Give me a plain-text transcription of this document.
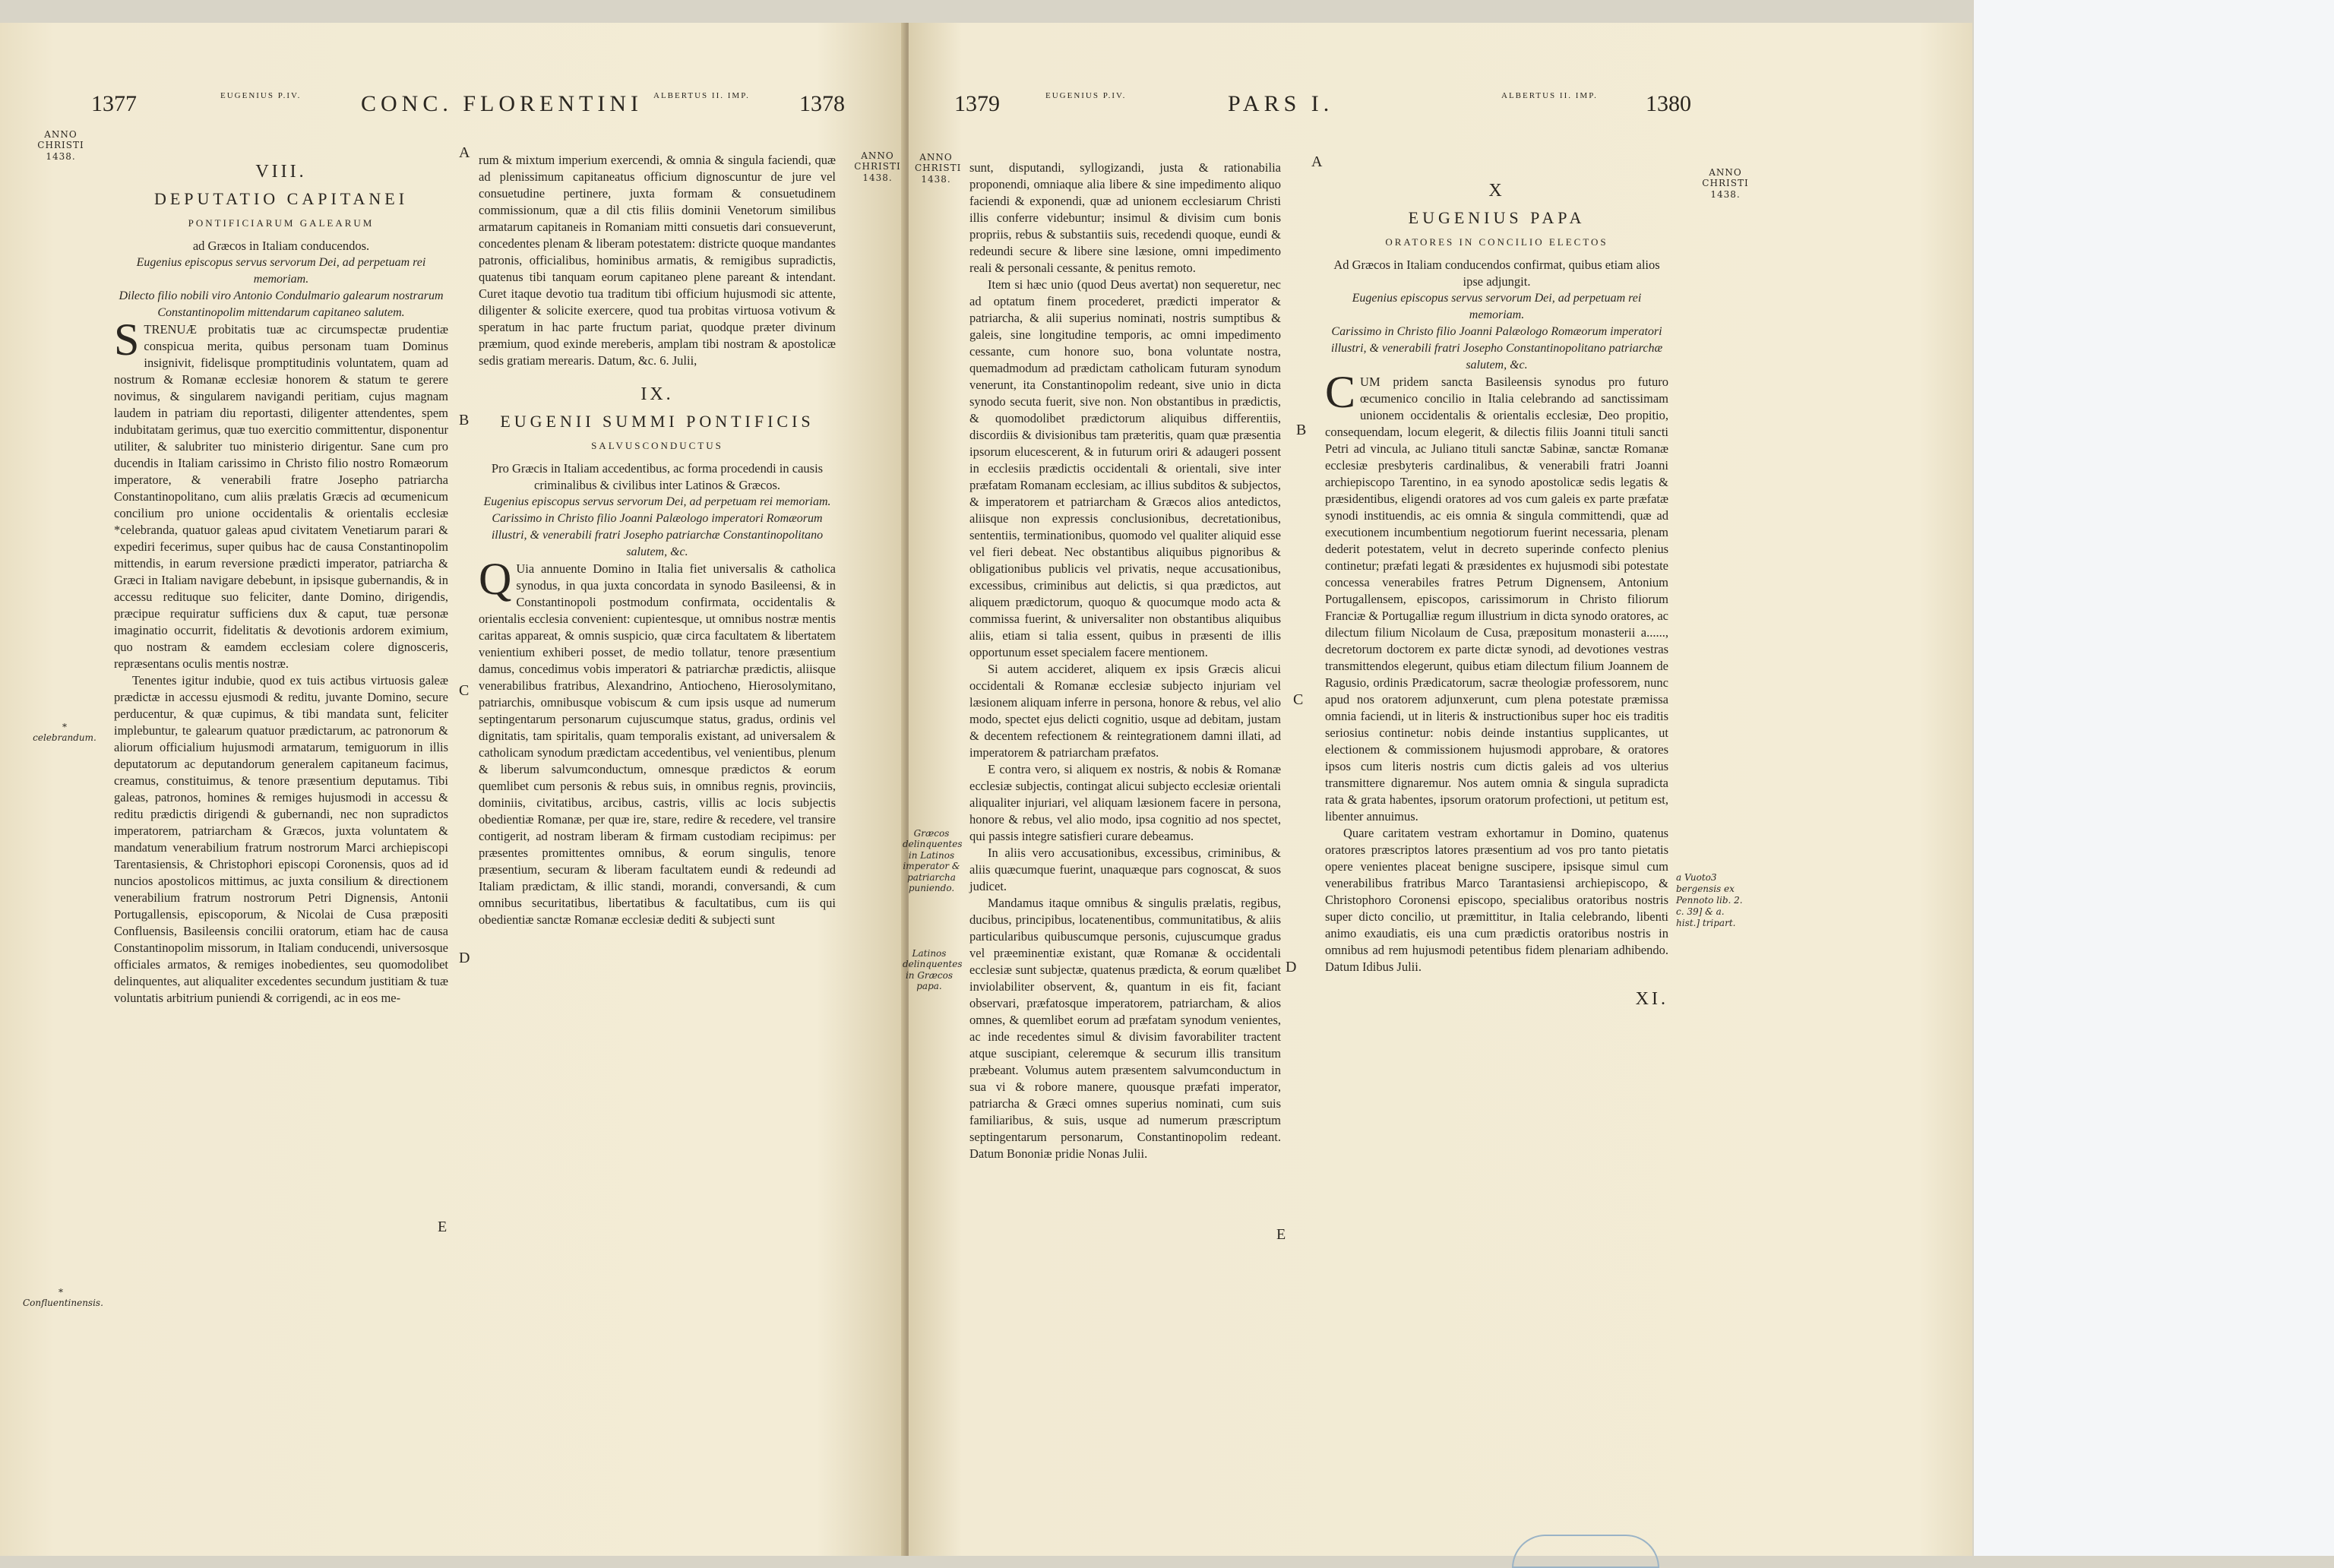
1377	EUGENIUS P.IV.	CONC. FLORENTINI ALBERTUS II. IMP. 1378
ANNO CHRISTI 1438.	ANNO CHRISTI 1438.
* celebrandum.
* Confluentinensis.
A
B
C
D
E
VIII.
DEPUTATIO CAPITANEI
PONTIFICIARUM GALEARUM

ad Græcos in Italiam conducendos.

Eugenius episcopus servus servorum Dei, ad perpetuam rei memoriam.

Dilecto filio nobili viro Antonio Condulmario galearum nostrarum Constantinopolim mittendarum capitaneo salutem.

STRENUÆ probitatis tuæ ac circumspectæ prudentiæ conspicua merita, quibus personam tuam Dominus insignivit, fidelisque promptitudinis voluntatem, quam ad nostrum & Romanæ ecclesiæ honorem & statum te gerere novimus, & singularem navigandi peritiam, cujus magnam laudem in patriam diu reportasti, diligenter attendentes, spem indubitatam gerimus, quæ tuo exercitio committentur, disponentur utiliter, & salubriter tuo ministerio dirigentur. Sane cum pro ducendis in Italiam carissimo in Christo filio nostro Romæorum imperatore, & venerabili fratre Josepho patriarcha Constantinopolitano, cum aliis prælatis Græcis ad œcumenicum concilium pro unione occidentalis & orientalis ecclesiæ *celebranda, quatuor galeas apud civitatem Venetiarum parari & expediri fecerimus, super quibus hac de causa Constantinopolim mittendis, in earum reversione prædicti imperator, patriarcha & Græci in Italiam navigare debebunt, in ipsisque gubernandis, & in accessu redituque suo feliciter, dante Domino, dirigendis, præcipue requiratur sufficiens dux & caput, tuæ personæ imaginatio occurrit, fidelitatis & devotionis ardorem eximium, quo nostram & eamdem ecclesiam colere dignosceris, repræsentans oculis mentis nostræ.

Tenentes igitur indubie, quod ex tuis actibus virtuosis galeæ prædictæ in accessu ejusmodi & reditu, juvante Domino, secure perducentur, & quæ cupimus, & tibi mandata sunt, feliciter implebuntur, te galearum quatuor prædictarum, ac patronorum & aliorum officialium hujusmodi armatarum, temiguorum in illis deputatorum ac deputandorum generalem capitaneum facimus, creamus, constituimus, & tenore præsentium deputamus. Tibi galeas, patronos, homines & remiges hujusmodi in accessu & reditu prædictis dirigendi & gubernandi, nec non supradictos imperatorem, patriarcham & Græcos, juxta voluntatem & mandatum venerabilium fratrum nostrorum Marci archiepiscopi Tarentasiensis, & Christophori episcopi Coronensis, quos ad id nuncios apostolicos mittimus, ac juxta consilium & directionem venerabilium fratrum nostrorum Petri Dignensis, Antonii Portugallensis, episcoporum, & Nicolai de Cusa præpositi Confluensis, Basileensis concilii oratorum, etiam hac de causa Constantinopolim missorum, in Italiam conducendi, universosque officiales armatos, & remiges inobedientes, seu quomodolibet delinquentes, aut aliqualiter excedentes secundum justitiam & tuæ voluntatis arbitrium puniendi & corrigendi, ac in eos me-

rum & mixtum imperium exercendi, & omnia & singula faciendi, quæ ad plenissimum capitaneatus officium dignoscuntur de jure vel consuetudine pertinere, juxta formam & consuetudinem commissionum, quæ a dil ctis filiis dominii Venetorum similibus armatarum capitaneis in Romaniam mitti consuetis dari consueverunt, concedentes plenam & liberam potestatem: districte quoque mandantes patronis, officialibus, hominibus armatis, & remigibus supradictis, quatenus tibi tanquam eorum capitaneo plene pareant & intendant. Curet itaque devotio tua traditum tibi officium hujusmodi sic attente, diligenter & solicite exercere, quod tua probitas virtuosa votivum & speratum in hac parte fructum pariat, quodque præter divinum præmium, quod exinde mereberis, amplam tibi nostram & apostolicæ sedis gratiam merearis. Datum, &c. 6. Julii,

IX.
EUGENII SUMMI PONTIFICIS
SALVUSCONDUCTUS

Pro Græcis in Italiam accedentibus, ac forma procedendi in causis criminalibus & civilibus inter Latinos & Græcos.

Eugenius episcopus servus servorum Dei, ad perpetuam rei memoriam.

Carissimo in Christo filio Joanni Palæologo imperatori Romæorum illustri, & venerabili fratri Josepho patriarchæ Constantinopolitano salutem, &c.

QUia annuente Domino in Italia fiet universalis & catholica synodus, in qua juxta concordata in synodo Basileensi, & in Constantinopoli postmodum confirmata, occidentalis & orientalis ecclesia convenient: cupientesque, ut omnibus nostræ mentis caritas appareat, & omnis suspicio, quæ circa facultatem & libertatem venientium exhiberi posset, de medio tollatur, tenore præsentium damus, concedimus vobis imperatori & patriarchæ prædictis, aliisque venerabilibus fratribus, Alexandrino, Antiocheno, Hierosolymitano, patriarchis, omnibusque vobiscum & cum ipsis usque ad numerum septingentarum personarum cujuscumque status, gradus, ordinis vel dignitatis, tam spiritalis, quam temporalis existant, ad universalem & catholicam synodum prædictam accedentibus, vel venientibus, plenum & liberum salvumconductum, omnesque prædictos & eorum quemlibet cum personis & rebus suis, in omnibus regnis, provinciis, dominiis, civitatibus, arcibus, castris, villis ac locis subjectis obedientiæ Romanæ, per quæ ire, stare, redire & recedere, vel transire contigerit, ad nostram liberam & firmam custodiam recipimus: per præsentes promittentes omnibus, & eorum singulis, tenore præsentium, securam & liberam facultatem eundi & redeundi ad Italiam prædictam, & illic standi, morandi, conversandi, & cum omnibus securitatibus, libertatibus & facultatibus, cum iis qui obedientiæ sanctæ Romanæ ecclesiæ dediti & subjecti sunt

1379	EUGENIUS P.IV.	PARS I.	ALBERTUS II. IMP. 1380
ANNO CHRISTI 1438.
ANNO CHRISTI 1438.
Græcos delinquentes in Latinos imperator & patriarcha puniendo.
Latinos delinquentes in Græcos papa.
a Vuoto3 bergensis ex Pennoto lib. 2. c. 39] & a. hist.] tripart.
A
B
C
D
E

sunt, disputandi, syllogizandi, justa & rationabilia proponendi, omniaque alia libere & sine impedimento aliquo faciendi & exponendi, quæ ad unionem ecclesiarum Christi illis conferre videbuntur; insimul & divisim cum bonis propriis, rebus & substantiis suis, recedendi quoque, eundi & redeundi secure & libere sine læsione, omni impedimento reali & personali cessante, & penitus remoto.

Item si hæc unio (quod Deus avertat) non sequeretur, nec ad optatum finem procederet, prædicti imperator & patriarcha, & alii superius nominati, nostris sumptibus & galeis, sine longitudine temporis, ac omni impedimento cessante, cum honore suo, bona voluntate nostra, quemadmodum ad prædictam catholicam futuram synodum venerunt, ita Constantinopolim redeant, sive unio in dicta synodo secuta fuerit, sive non. Non obstantibus in prædictis, & quomodolibet prædictorum aliquibus differentiis, discordiis & divisionibus tam præteritis, quam quæ præsentia ipsorum elucescerent, & in futurum oriri & adaugeri possent in ecclesiis prædictis occidentali & orientali, sive inter præfatam Romanam ecclesiam, ac illius subditos & subjectos, & imperatorem et patriarcham & Græcos alios antedictos, aliisque non expressis conclusionibus, decretationibus, sententiis, terminationibus, quomodo vel qualiter aliquid esse vel fieri debeat. Nec obstantibus aliquibus pignoribus & obligationibus publicis vel privatis, neque accusationibus, excessibus, criminibus aut delictis, si qua prædictos, aut aliquem prædictorum, quoquo & quocumque modo acta & commissa fuerint, & universaliter non obstantibus aliquibus aliis, etiam si talia essent, quibus in præsenti de illis opportunum esset specialem facere mentionem.

Si autem accideret, aliquem ex ipsis Græcis alicui occidentali & Romanæ ecclesiæ subjecto injuriam vel læsionem aliquam inferre in persona, honore & rebus, vel alio modo, spectet ejus delicti cognitio, usque ad debitam, justam & decentem refectionem & reintegrationem damni illati, ad imperatorem & patriarcham præfatos.

E contra vero, si aliquem ex nostris, & nobis & Romanæ ecclesiæ subjectis, contingat alicui subjecto ecclesiæ orientali aliqualiter injuriari, vel aliquam læsionem facere in persona, honore & rebus, vel alio modo, ipsa cognitio ad nos spectet, qui passis integre satisfieri curare debeamus.

In aliis vero accusationibus, excessibus, criminibus, & aliis quæcumque fuerint, unaquæque pars cognoscat, & suos judicet.

Mandamus itaque omnibus & singulis prælatis, regibus, ducibus, principibus, locatenentibus, communitatibus, & aliis particularibus quibuscumque personis, cujuscumque gradus vel præeminentiæ existant, quæ Romanæ & occidentali ecclesiæ sunt subjectæ, quatenus prædicta, & eorum quælibet inviolabiliter observent, &, quantum in eis fit, faciant observari, præfatosque imperatorem, patriarcham, & alios omnes, & quemlibet eorum ad præfatam synodum venientes, ac inde recedentes simul & divisim favorabiliter tractent atque suscipiant, celeremque & securum illis transitum præbeant. Volumus autem præsentem salvumconductum in sua vi & robore manere, quousque præfati imperator, patriarcha & Græci omnes superius nominati, cum suis familiaribus, & suis, usque ad numerum præscriptum septingentarum personarum, Constantinopolim redeant. Datum Bononiæ pridie Nonas Julii.

X
EUGENIUS PAPA
ORATORES IN CONCILIO ELECTOS

Ad Græcos in Italiam conducendos confirmat, quibus etiam alios ipse adjungit.

Eugenius episcopus servus servorum Dei, ad perpetuam rei memoriam.

Carissimo in Christo filio Joanni Palæologo Romæorum imperatori illustri, & venerabili fratri Josepho Constantinopolitano patriarchæ salutem, &c.

CUM pridem sancta Basileensis synodus pro futuro œcumenico concilio in Italia celebrando ad sanctissimam unionem occidentalis & orientalis ecclesiæ, Deo propitio, consequendam, locum elegerit, & dilectis filiis Joanni tituli sancti Petri ad vincula, ac Juliano tituli sanctæ Sabinæ, sanctæ Romanæ ecclesiæ presbyteris cardinalibus, & venerabili fratri Joanni archiepiscopo Tarentino, in ea synodo apostolicæ sedis legatis & præsidentibus, eligendi oratores ad vos cum galeis ex parte præfatæ synodi instituendis, ac eis omnia & singula committendi, quæ ad executionem incumbentium negotiorum fuerint necessaria, plenam dederit potestatem, velut in decreto superinde confecto plenius continetur; præfati legati & præsidentes ex hujusmodi sibi potestate concessa venerabiles fratres Petrum Dignensem, Antonium Portugallensem, episcopos, carissimorum in Christo filiorum Franciæ & Portugalliæ regum illustrium in dicta synodo oratores, ac dilectum filium Nicolaum de Cusa, præpositum monasterii a......, decretorum doctorem ex parte dictæ synodi, ad devotiones vestras transmittendos elegerunt, quibus etiam dilectum filium Joannem de Ragusio, ordinis Prædicatorum, sacræ theologiæ professorem, nunc apud nos oratorem adjunxerunt, cum plena potestate præmissa omnia faciendi, ut in literis & instructionibus super hoc eis traditis seriosius continetur: nobis deinde instantius supplicantes, ut electionem & commissionem hujusmodi approbare, & oratores ipsos cum literis nostris cum dictis galeis ad vos ulterius transmittere dignaremur. Nos autem omnia & singula supradicta rata & grata habentes, ipsorum oratorum profectioni, ut petitum est, libenter annuimus.

Quare caritatem vestram exhortamur in Domino, quatenus oratores præscriptos latores præsentium ad vos pro tanto pietatis opere venientes placeat benigne suscipere, ipsisque simul cum venerabilibus fratribus Marco Tarantasiensi archiepiscopo, & Christophoro Coronensi episcopo, specialibus oratoribus nostris super dicto concilio, ut præmittitur, in Italia celebrando, libenti animo exaudiatis, eis una cum prædictis oratoribus nostris in omnibus ad rem hujusmodi petentibus fidem plenariam adhibendo. Datum Idibus Julii.

XI.
